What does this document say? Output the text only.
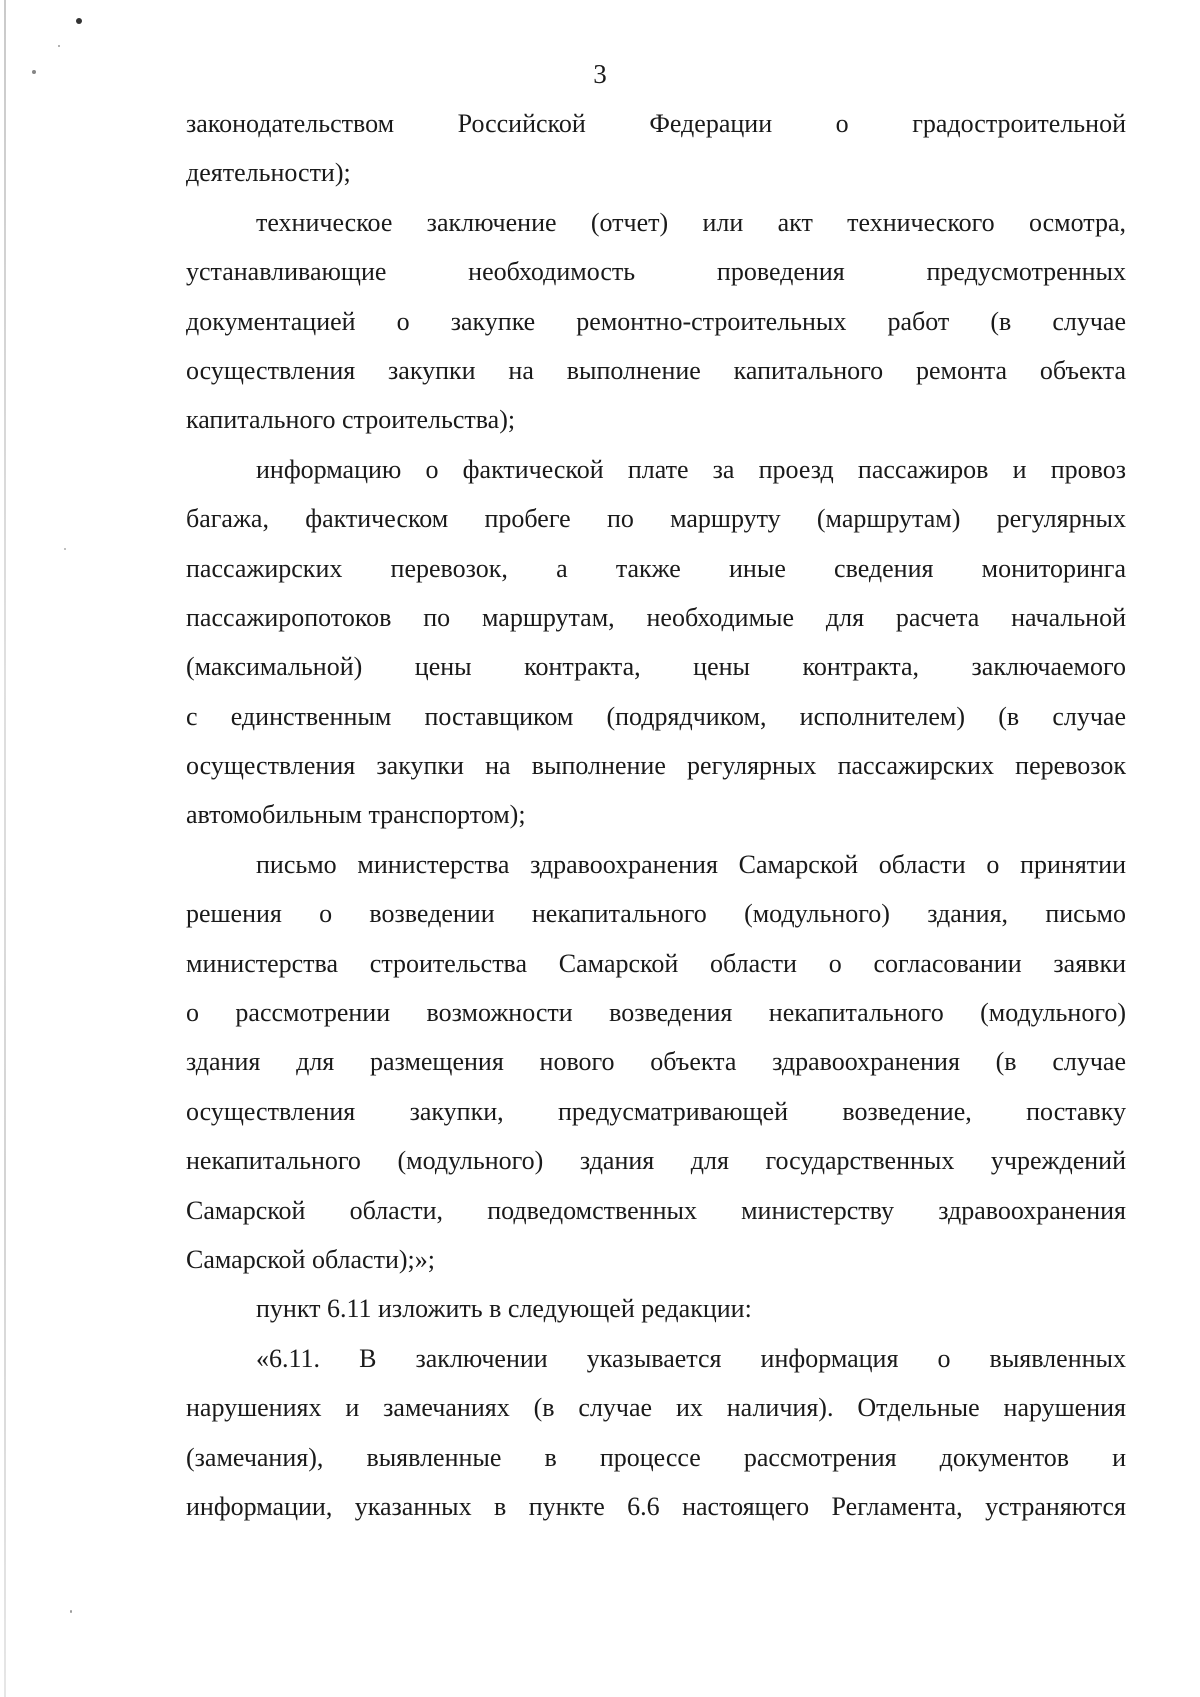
3
законодательством Российской Федерации о градостроительной
деятельности);
техническое заключение (отчет) или акт технического осмотра,
устанавливающие необходимость проведения предусмотренных
документацией о закупке ремонтно-строительных работ (в случае
осуществления закупки на выполнение капитального ремонта объекта
капитального строительства);
информацию о фактической плате за проезд пассажиров и провоз
багажа, фактическом пробеге по маршруту (маршрутам) регулярных
пассажирских перевозок, а также иные сведения мониторинга
пассажиропотоков по маршрутам, необходимые для расчета начальной
(максимальной) цены контракта, цены контракта, заключаемого
с единственным поставщиком (подрядчиком, исполнителем) (в случае
осуществления закупки на выполнение регулярных пассажирских перевозок
автомобильным транспортом);
письмо министерства здравоохранения Самарской области о принятии
решения о возведении некапитального (модульного) здания, письмо
министерства строительства Самарской области о согласовании заявки
о рассмотрении возможности возведения некапитального (модульного)
здания для размещения нового объекта здравоохранения (в случае
осуществления закупки, предусматривающей возведение, поставку
некапитального (модульного) здания для государственных учреждений
Самарской области, подведомственных министерству здравоохранения
Самарской области);»;
пункт 6.11 изложить в следующей редакции:
«6.11. В заключении указывается информация о выявленных
нарушениях и замечаниях (в случае их наличия). Отдельные нарушения
(замечания), выявленные в процессе рассмотрения документов и
информации, указанных в пункте 6.6 настоящего Регламента, устраняются
